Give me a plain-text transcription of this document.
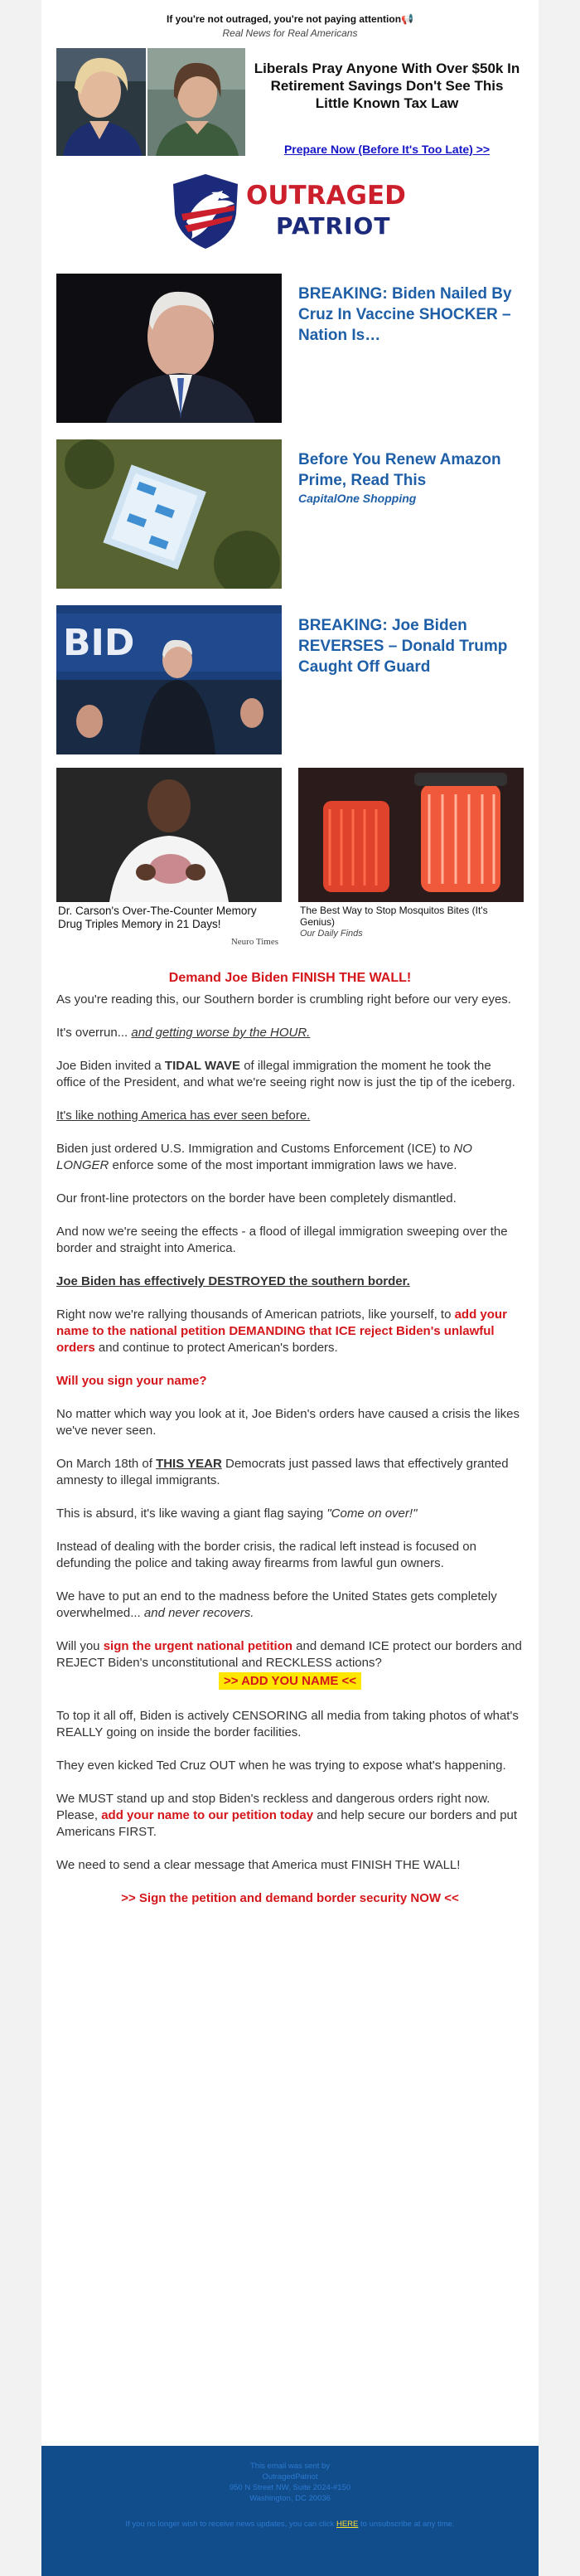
If you're not outraged, you're not paying attention📢
Real News for Real Americans
Liberals Pray Anyone With Over $50k In Retirement Savings Don't See This Little Known Tax Law
Prepare Now (Before It's Too Late) >>
OUTRAGED
PATRIOT
BREAKING: Biden Nailed By Cruz In Vaccine SHOCKER – Nation Is…
Before You Renew Amazon Prime, Read This
CapitalOne Shopping
BID	BREAKING: Joe Biden REVERSES – Donald Trump Caught Off Guard
Dr. Carson's Over-The-Counter Memory Drug Triples Memory in 21 Days!
Neuro Times
The Best Way to Stop Mosquitos Bites (It's Genius)
Our Daily Finds

Demand Joe Biden FINISH THE WALL!

As you're reading this, our Southern border is crumbling right before our very eyes.

It's overrun... and getting worse by the HOUR.

Joe Biden invited a TIDAL WAVE of illegal immigration the moment he took the office of the President, and what we're seeing right now is just the tip of the iceberg.

It's like nothing America has ever seen before.

Biden just ordered U.S. Immigration and Customs Enforcement (ICE) to NO LONGER enforce some of the most important immigration laws we have.

Our front-line protectors on the border have been completely dismantled.

And now we're seeing the effects - a flood of illegal immigration sweeping over the border and straight into America.

Joe Biden has effectively DESTROYED the southern border.

Right now we're rallying thousands of American patriots, like yourself, to add your name to the national petition DEMANDING that ICE reject Biden's unlawful orders and continue to protect American's borders.

Will you sign your name?

No matter which way you look at it, Joe Biden's orders have caused a crisis the likes we've never seen.

On March 18th of THIS YEAR Democrats just passed laws that effectively granted amnesty to illegal immigrants.

This is absurd, it's like waving a giant flag saying "Come on over!"

Instead of dealing with the border crisis, the radical left instead is focused on defunding the police and taking away firearms from lawful gun owners.

We have to put an end to the madness before the United States gets completely overwhelmed... and never recovers.

Will you sign the urgent national petition and demand ICE protect our borders and REJECT Biden's unconstitutional and RECKLESS actions?

>> ADD YOU NAME <<

To top it all off, Biden is actively CENSORING all media from taking photos of what's REALLY going on inside the border facilities.

They even kicked Ted Cruz OUT when he was trying to expose what's happening.

We MUST stand up and stop Biden's reckless and dangerous orders right now. Please, add your name to our petition today and help secure our borders and put Americans FIRST.

We need to send a clear message that America must FINISH THE WALL!

>> Sign the petition and demand border security NOW <<
This email was sent by
OutragedPatriot
950 N Street NW, Suite 2024-#150
Washington, DC 20036
If you no longer wish to receive news updates, you can click HERE to unsubscribe at any time.
